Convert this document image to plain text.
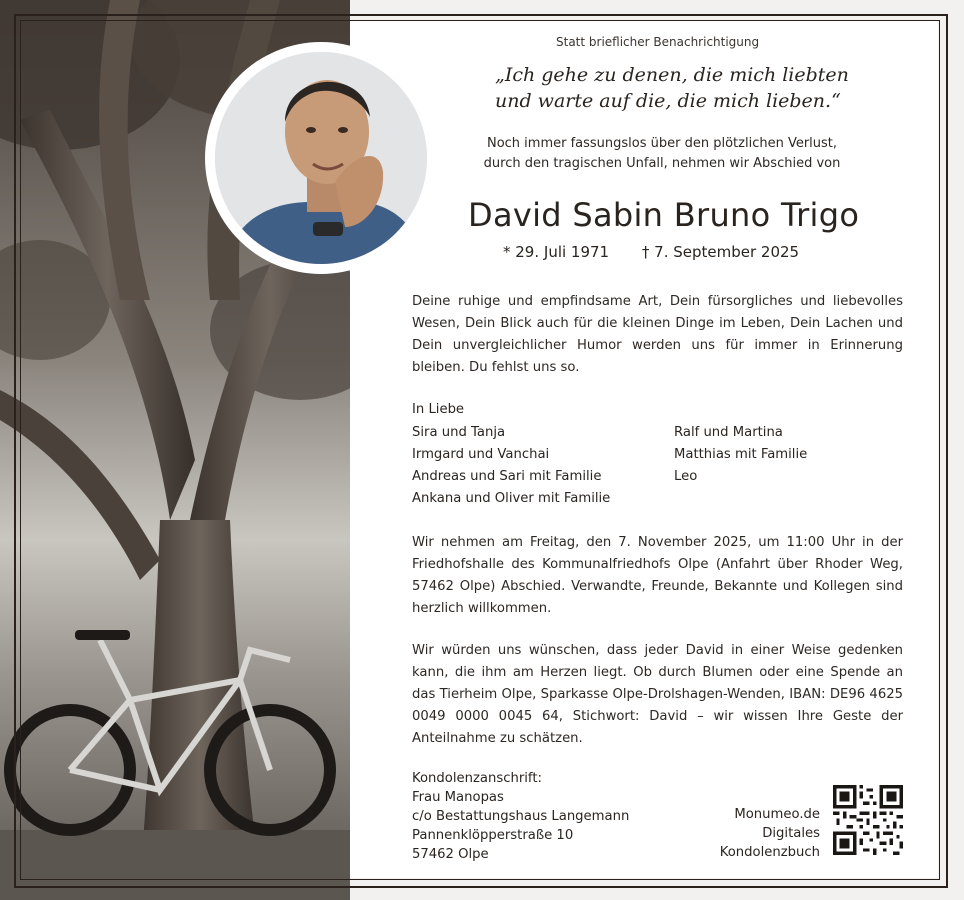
Statt brieflicher Benachrichtigung
„Ich gehe zu denen, die mich liebten
und warte auf die, die mich lieben.“
Noch immer fassungslos über den plötzlichen Verlust,
durch den tragischen Unfall, nehmen wir Abschied von
David Sabin Bruno Trigo
* 29. Juli 1971 † 7. September 2025
Deine ruhige und empfindsame Art, Dein fürsorgliches und liebevolles Wesen, Dein Blick auch für die kleinen Dinge im Leben, Dein Lachen und Dein unvergleichlicher Humor werden uns für immer in Erinnerung bleiben. Du fehlst uns so.
In Liebe
Sira und Tanja
Irmgard und Vanchai
Andreas und Sari mit Familie
Ankana und Oliver mit Familie
Ralf und Martina
Matthias mit Familie
Leo
Wir nehmen am Freitag, den 7. November 2025, um 11:00 Uhr in der Friedhofshalle des Kommunalfriedhofs Olpe (Anfahrt über Rhoder Weg, 57462 Olpe) Abschied. Verwandte, Freunde, Bekannte und Kollegen sind herzlich willkommen.
Wir würden uns wünschen, dass jeder David in einer Weise gedenken kann, die ihm am Herzen liegt. Ob durch Blumen oder eine Spende an das Tierheim Olpe, Sparkasse Olpe-Drolshagen-Wenden, IBAN: DE96 4625 0049 0000 0045 64, Stichwort: David – wir wissen Ihre Geste der Anteilnahme zu schätzen.
Kondolenzanschrift:
Frau Manopas
c/o Bestattungshaus Langemann
Pannenklöpperstraße 10
57462 Olpe
Monumeo.de
Digitales
Kondolenzbuch
